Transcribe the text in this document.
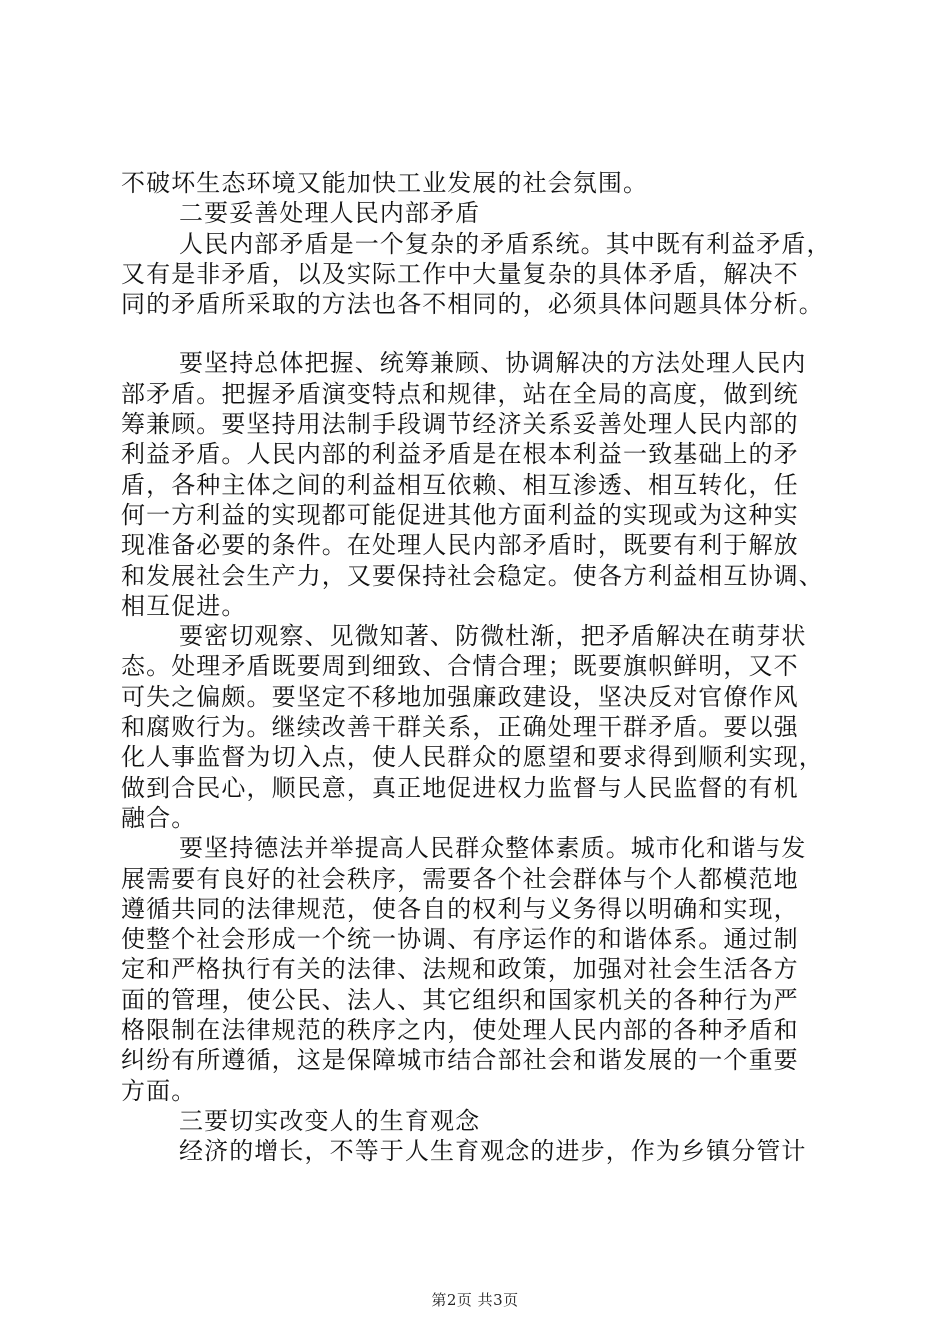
不破坏生态环境又能加快工业发展的社会氛围。
二要妥善处理人民内部矛盾
人民内部矛盾是一个复杂的矛盾系统。其中既有利益矛盾，
又有是非矛盾，以及实际工作中大量复杂的具体矛盾，解决不
同的矛盾所采取的方法也各不相同的，必须具体问题具体分析。
要坚持总体把握、统筹兼顾、协调解决的方法处理人民内
部矛盾。把握矛盾演变特点和规律，站在全局的高度，做到统
筹兼顾。要坚持用法制手段调节经济关系妥善处理人民内部的
利益矛盾。人民内部的利益矛盾是在根本利益一致基础上的矛
盾，各种主体之间的利益相互依赖、相互渗透、相互转化，任
何一方利益的实现都可能促进其他方面利益的实现或为这种实
现准备必要的条件。在处理人民内部矛盾时，既要有利于解放
和发展社会生产力，又要保持社会稳定。使各方利益相互协调、
相互促进。
要密切观察、见微知著、防微杜渐，把矛盾解决在萌芽状
态。处理矛盾既要周到细致、合情合理；既要旗帜鲜明，又不
可失之偏颇。要坚定不移地加强廉政建设，坚决反对官僚作风
和腐败行为。继续改善干群关系，正确处理干群矛盾。要以强
化人事监督为切入点，使人民群众的愿望和要求得到顺利实现，
做到合民心，顺民意，真正地促进权力监督与人民监督的有机
融合。
要坚持德法并举提高人民群众整体素质。城市化和谐与发
展需要有良好的社会秩序，需要各个社会群体与个人都模范地
遵循共同的法律规范，使各自的权利与义务得以明确和实现，
使整个社会形成一个统一协调、有序运作的和谐体系。通过制
定和严格执行有关的法律、法规和政策，加强对社会生活各方
面的管理，使公民、法人、其它组织和国家机关的各种行为严
格限制在法律规范的秩序之内，使处理人民内部的各种矛盾和
纠纷有所遵循，这是保障城市结合部社会和谐发展的一个重要
方面。
三要切实改变人的生育观念
经济的增长，不等于人生育观念的进步，作为乡镇分管计
第2页 共3页
